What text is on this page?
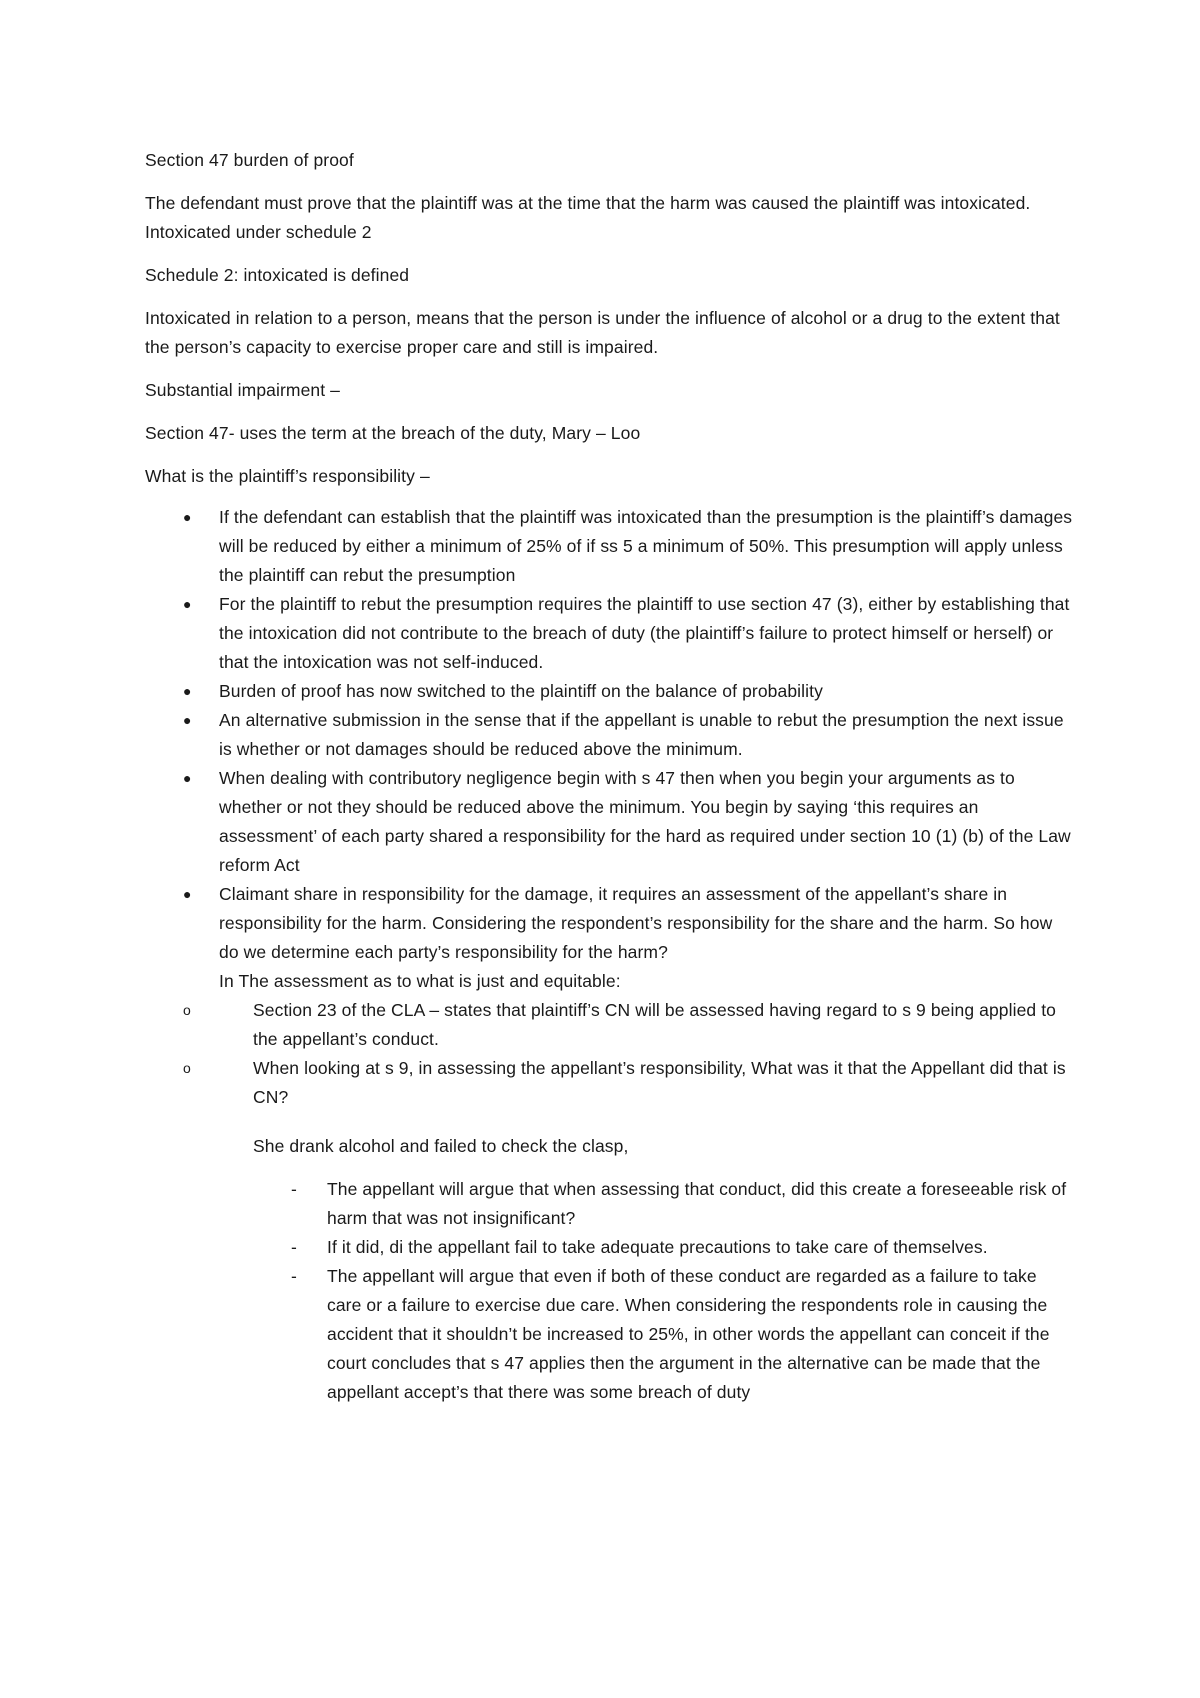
Section 47 burden of proof

The defendant must prove that the plaintiff was at the time that the harm was caused the plaintiff was intoxicated. Intoxicated under schedule 2

Schedule 2: intoxicated is defined

Intoxicated in relation to a person, means that the person is under the influence of alcohol or a drug to the extent that the person’s capacity to exercise proper care and still is impaired.

Substantial impairment –

Section 47- uses the term at the breach of the duty, Mary – Loo

What is the plaintiff’s responsibility –

●	If the defendant can establish that the plaintiff was intoxicated than the presumption is the plaintiff’s damages will be reduced by either a minimum of 25% of if ss 5 a minimum of 50%. This presumption will apply unless the plaintiff can rebut the presumption
●	For the plaintiff to rebut the presumption requires the plaintiff to use section 47 (3), either by establishing that the intoxication did not contribute to the breach of duty (the plaintiff’s failure to protect himself or herself) or that the intoxication was not self-induced.
●	Burden of proof has now switched to the plaintiff on the balance of probability
●	An alternative submission in the sense that if the appellant is unable to rebut the presumption the next issue is whether or not damages should be reduced above the minimum.
●	When dealing with contributory negligence begin with s 47 then when you begin your arguments as to whether or not they should be reduced above the minimum. You begin by saying ‘this requires an assessment’ of each party shared a responsibility for the hard as required under section 10 (1) (b) of the Law reform Act
●	Claimant share in responsibility for the damage, it requires an assessment of the appellant’s share in responsibility for the harm. Considering the respondent’s responsibility for the share and the harm. So how do we determine each party’s responsibility for the harm?
In The assessment as to what is just and equitable:
o	Section 23 of the CLA – states that plaintiff’s CN will be assessed having regard to s 9 being applied to the appellant’s conduct.
o	When looking at s 9, in assessing the appellant’s responsibility, What was it that the Appellant did that is CN?

She drank alcohol and failed to check the clasp,

- The appellant will argue that when assessing that conduct, did this create a foreseeable risk of harm that was not insignificant?
- If it did, di the appellant fail to take adequate precautions to take care of themselves.
- The appellant will argue that even if both of these conduct are regarded as a failure to take care or a failure to exercise due care. When considering the respondents role in causing the accident that it shouldn’t be increased to 25%, in other words the appellant can conceit if the court concludes that s 47 applies then the argument in the alternative can be made that the appellant accept’s that there was some breach of duty
